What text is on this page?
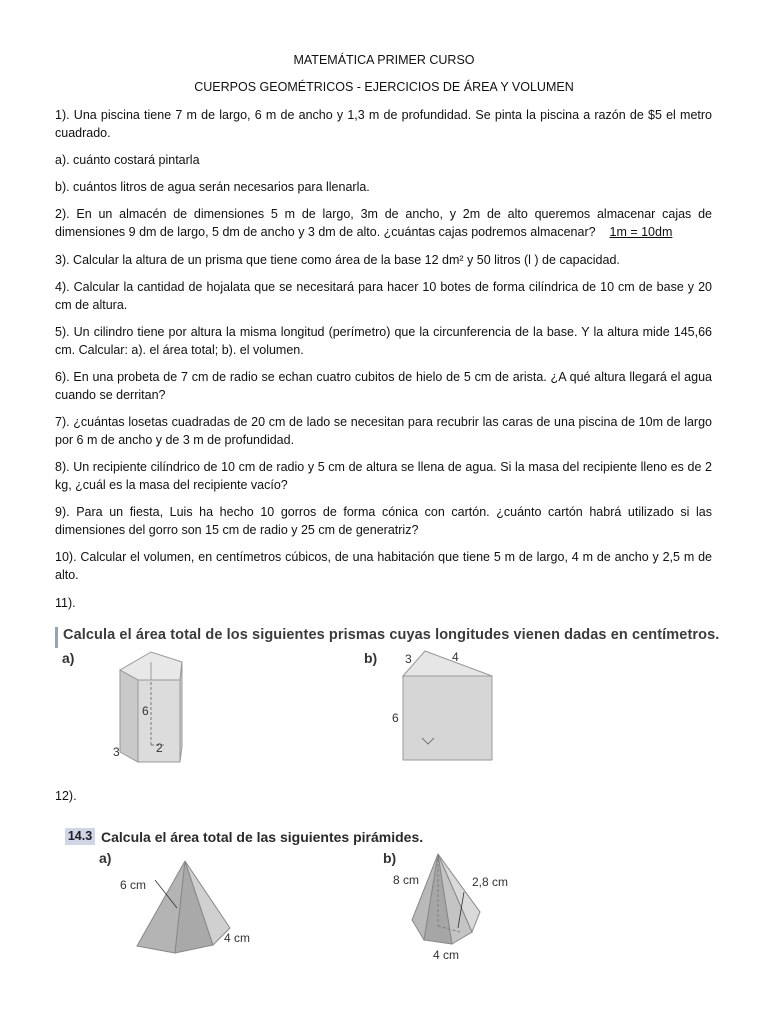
MATEMÁTICA PRIMER CURSO
CUERPOS GEOMÉTRICOS - EJERCICIOS DE ÁREA Y VOLUMEN

1). Una piscina tiene 7 m de largo, 6 m de ancho y 1,3 m de profundidad. Se pinta la piscina a razón de $5 el metro cuadrado.

a). cuánto costará pintarla

b). cuántos litros de agua serán necesarios para llenarla.

2). En un almacén de dimensiones 5 m de largo, 3m de ancho, y 2m de alto queremos almacenar cajas de dimensiones 9 dm de largo, 5 dm de ancho y 3 dm de alto. ¿cuántas cajas podremos almacenar? 1m = 10dm

3). Calcular la altura de un prisma que tiene como área de la base 12 dm² y 50 litros (l ) de capacidad.

4). Calcular la cantidad de hojalata que se necesitará para hacer 10 botes de forma cilíndrica de 10 cm de base y 20 cm de altura.

5). Un cilindro tiene por altura la misma longitud (perímetro) que la circunferencia de la base. Y la altura mide 145,66 cm. Calcular: a). el área total; b). el volumen.

6). En una probeta de 7 cm de radio se echan cuatro cubitos de hielo de 5 cm de arista. ¿A qué altura llegará el agua cuando se derritan?

7). ¿cuántas losetas cuadradas de 20 cm de lado se necesitan para recubrir las caras de una piscina de 10m de largo por 6 m de ancho y de 3 m de profundidad.

8). Un recipiente cilíndrico de 10 cm de radio y 5 cm de altura se llena de agua. Si la masa del recipiente lleno es de 2 kg, ¿cuál es la masa del recipiente vacío?

9). Para un fiesta, Luis ha hecho 10 gorros de forma cónica con cartón. ¿cuánto cartón habrá utilizado si las dimensiones del gorro son 15 cm de radio y 25 cm de generatriz?

10). Calcular el volumen, en centímetros cúbicos, de una habitación que tiene 5 m de largo, 4 m de ancho y 2,5 m de alto.

11).

Calcula el área total de los siguientes prismas cuyas longitudes vienen dadas en centímetros.
a)	b)
6
3	2
3	4
6

12).

14.3 Calcula el área total de las siguientes pirámides.
a)	b)
6 cm
4 cm
8 cm	2,8 cm
4 cm
